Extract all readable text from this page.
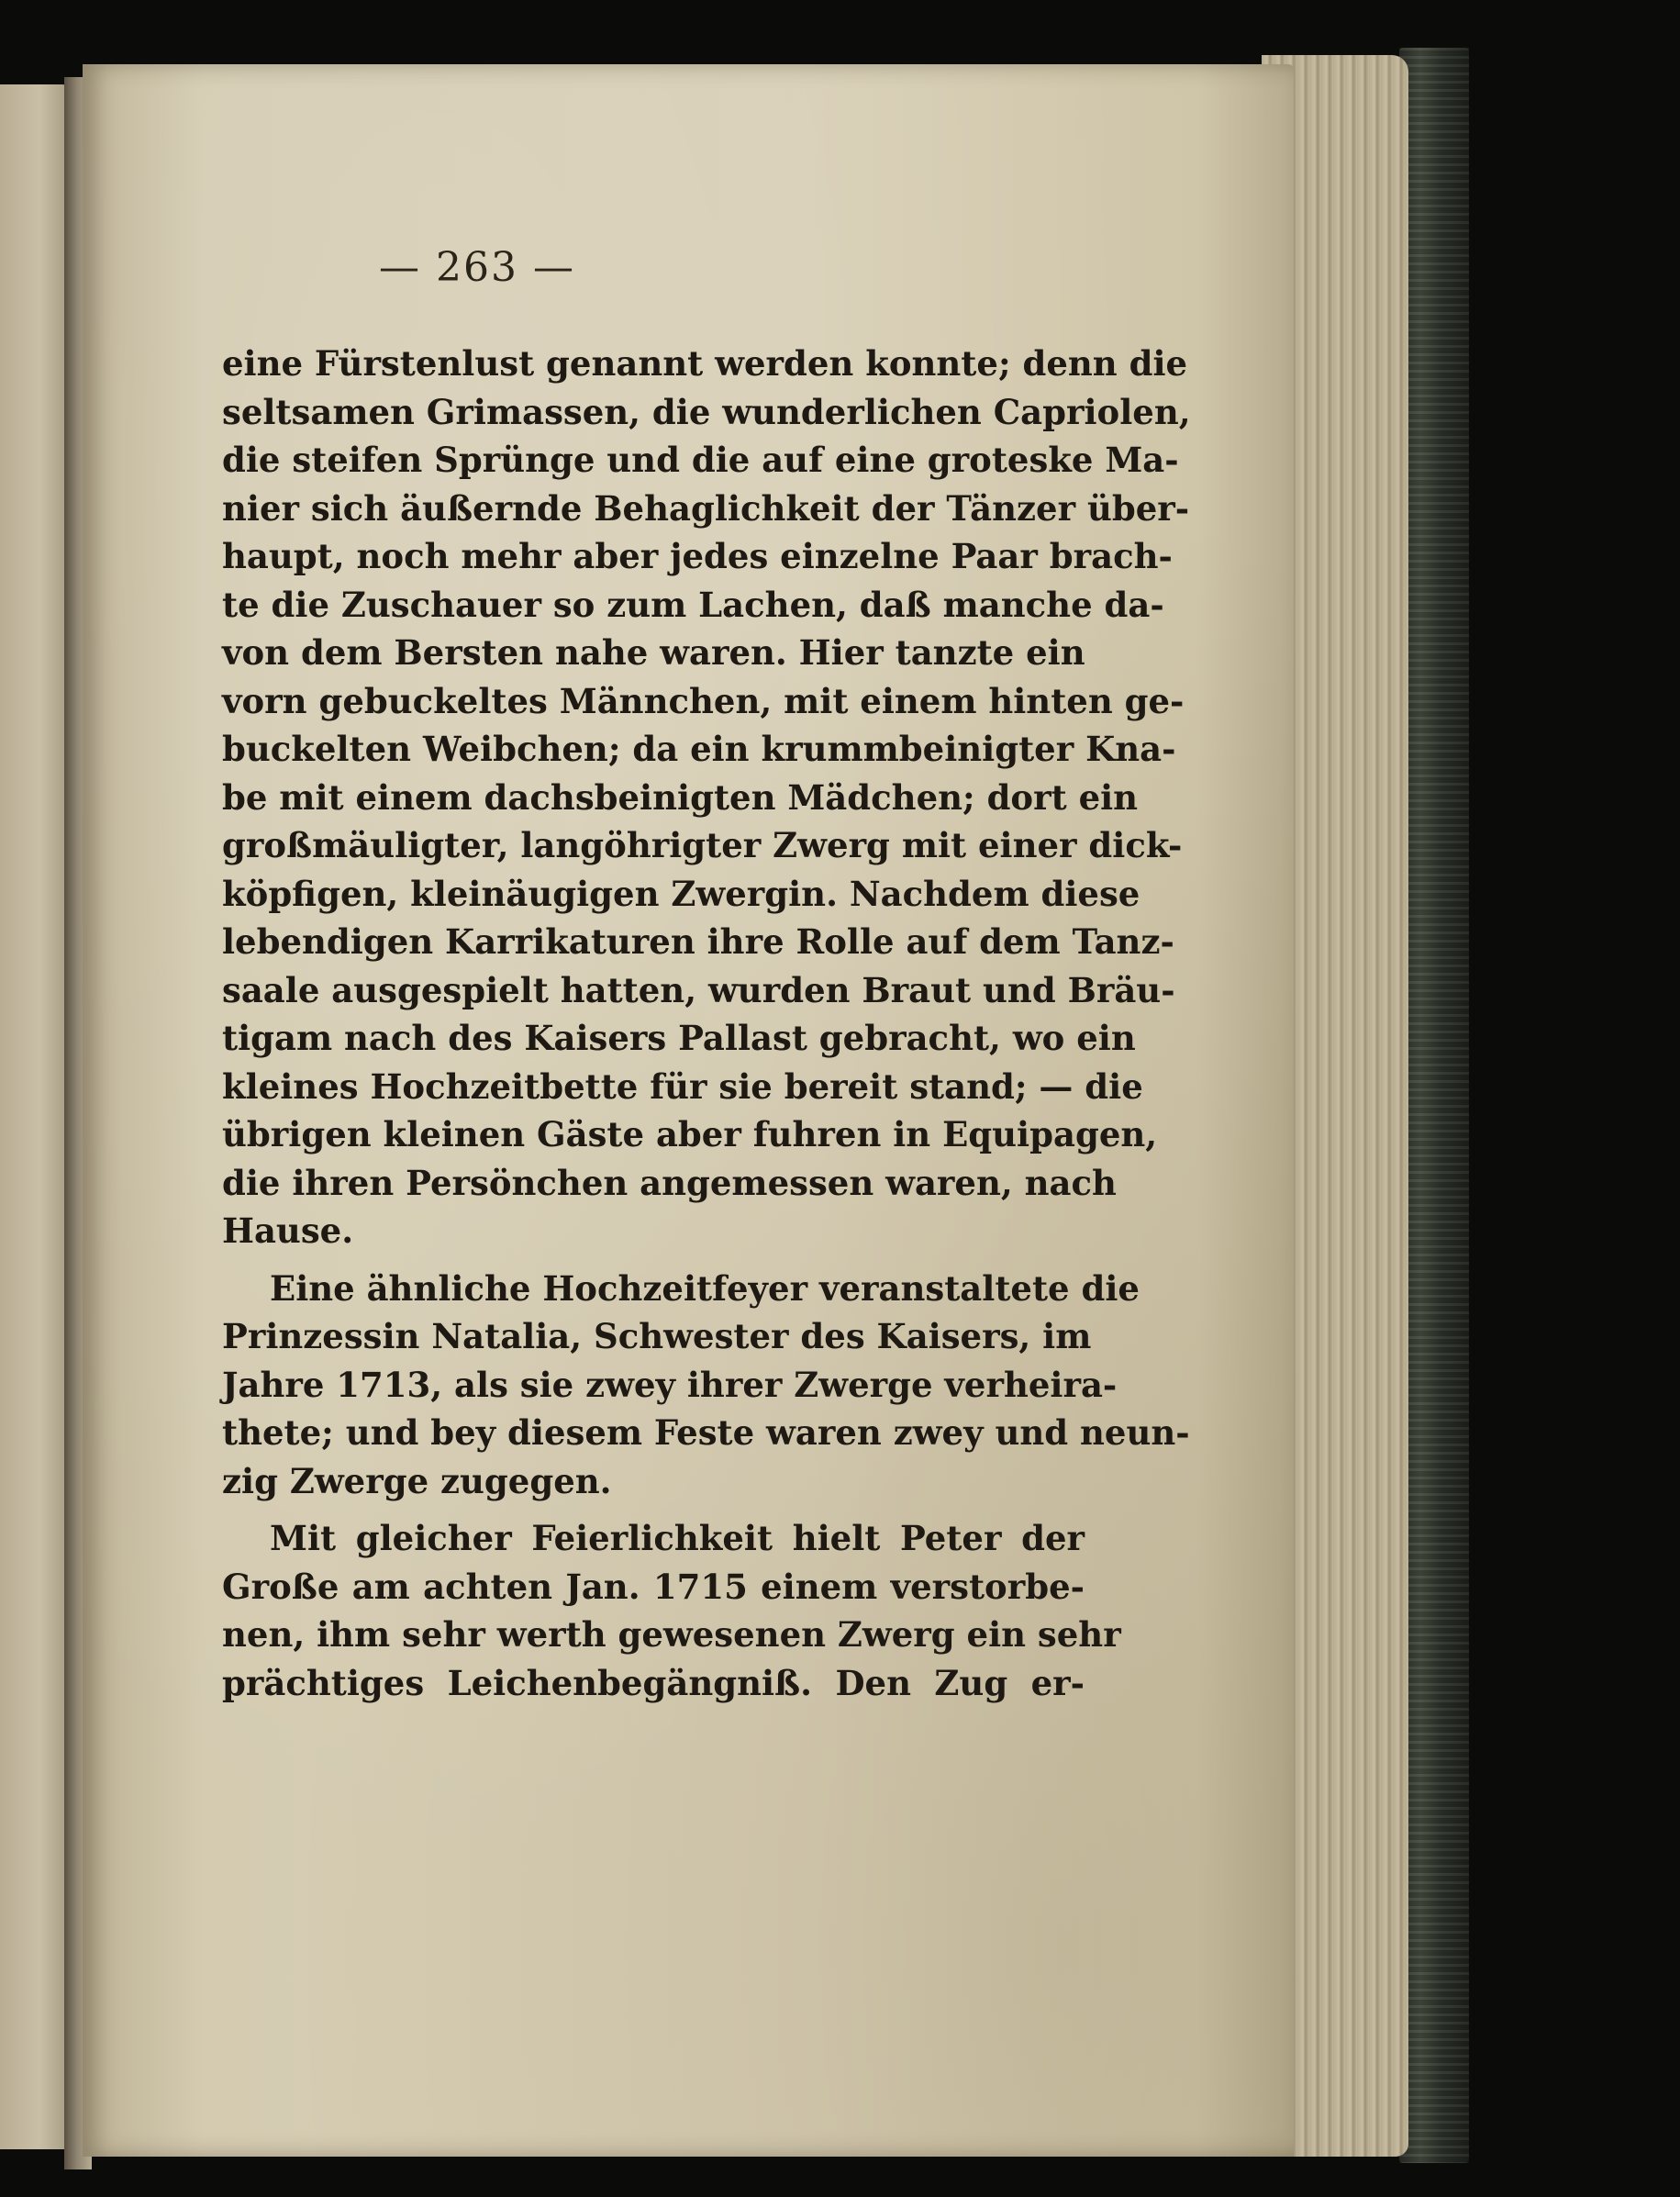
— 263 —
eine Fürstenlust genannt werden konnte; denn die
seltsamen Grimassen, die wunderlichen Capriolen,
die steifen Sprünge und die auf eine groteske Ma-
nier sich äußernde Behaglichkeit der Tänzer über-
haupt, noch mehr aber jedes einzelne Paar brach-
te die Zuschauer so zum Lachen, daß manche da-
von dem Bersten nahe waren. Hier tanzte ein
vorn gebuckeltes Männchen, mit einem hinten ge-
buckelten Weibchen; da ein krummbeinigter Kna-
be mit einem dachsbeinigten Mädchen; dort ein
großmäuligter, langöhrigter Zwerg mit einer dick-
köpfigen, kleinäugigen Zwergin. Nachdem diese
lebendigen Karrikaturen ihre Rolle auf dem Tanz-
saale ausgespielt hatten, wurden Braut und Bräu-
tigam nach des Kaisers Pallast gebracht, wo ein
kleines Hochzeitbette für sie bereit stand; — die
übrigen kleinen Gäste aber fuhren in Equipagen,
die ihren Persönchen angemessen waren, nach
Hause.
Eine ähnliche Hochzeitfeyer veranstaltete die
Prinzessin Natalia, Schwester des Kaisers, im
Jahre 1713, als sie zwey ihrer Zwerge verheira-
thete; und bey diesem Feste waren zwey und neun-
zig Zwerge zugegen.
Mit gleicher Feierlichkeit hielt Peter der
Große am achten Jan. 1715 einem verstorbe-
nen, ihm sehr werth gewesenen Zwerg ein sehr
prächtiges Leichenbegängniß. Den Zug er-
